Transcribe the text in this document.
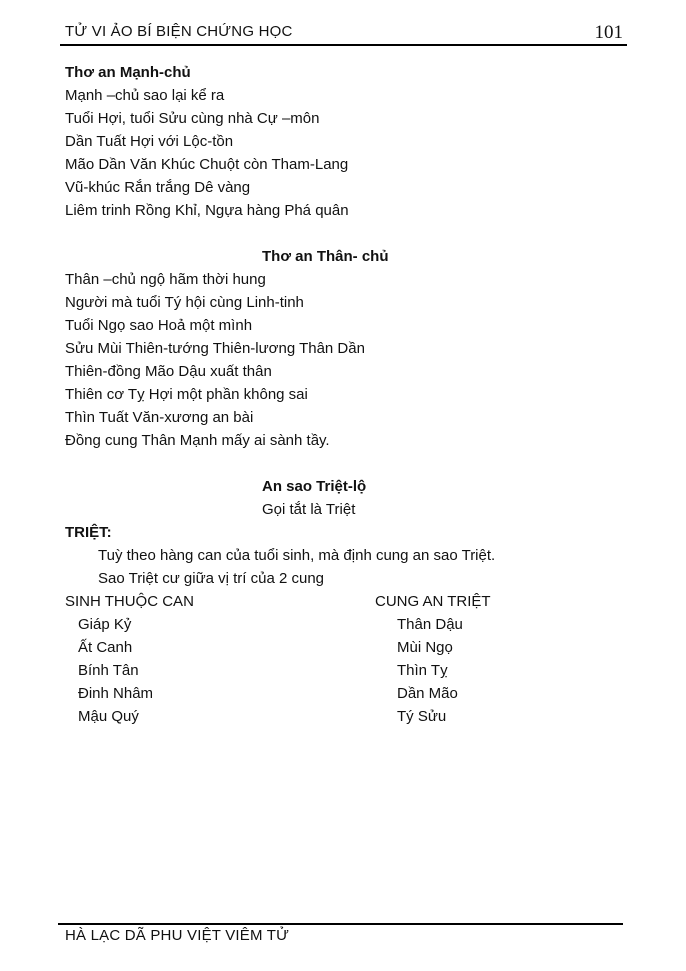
TỬ VI ẢO BÍ BIỆN CHỨNG HỌC	101

Thơ an Mạnh-chủ

Mạnh –chủ sao lại kể ra

Tuổi Hợi, tuổi Sửu cùng nhà Cự –môn

Dần Tuất Hợi với Lộc-tồn

Mão Dần Văn Khúc Chuột còn Tham-Lang

Vũ-khúc Rắn trắng Dê vàng

Liêm trinh Rồng Khỉ, Ngựa hàng Phá quân

Thơ an Thân- chủ

Thân –chủ ngộ hãm thời hung

Người mà tuổi Tý hội cùng Linh-tinh

Tuổi Ngọ sao Hoả một mình

Sửu Mùi Thiên-tướng Thiên-lương Thân Dần

Thiên-đồng Mão Dậu xuất thân

Thiên cơ Tỵ Hợi một phần không sai

Thìn Tuất Văn-xương an bài

Đồng cung Thân Mạnh mấy ai sành tầy.

An sao Triệt-lộ

Gọi tắt là Triệt

TRIỆT:

Tuỳ theo hàng can của tuổi sinh, mà định cung an sao Triệt.

Sao Triệt cư giữa vị trí của 2 cung

SINH THUỘC CAN	CUNG AN TRIỆT
Giáp Kỷ	Thân Dậu
Ất Canh	Mùi Ngọ
Bính Tân	Thìn Tỵ
Đinh Nhâm	Dần Mão
Mậu Quý	Tý Sửu
HÀ LẠC DÃ PHU VIỆT VIÊM TỬ
